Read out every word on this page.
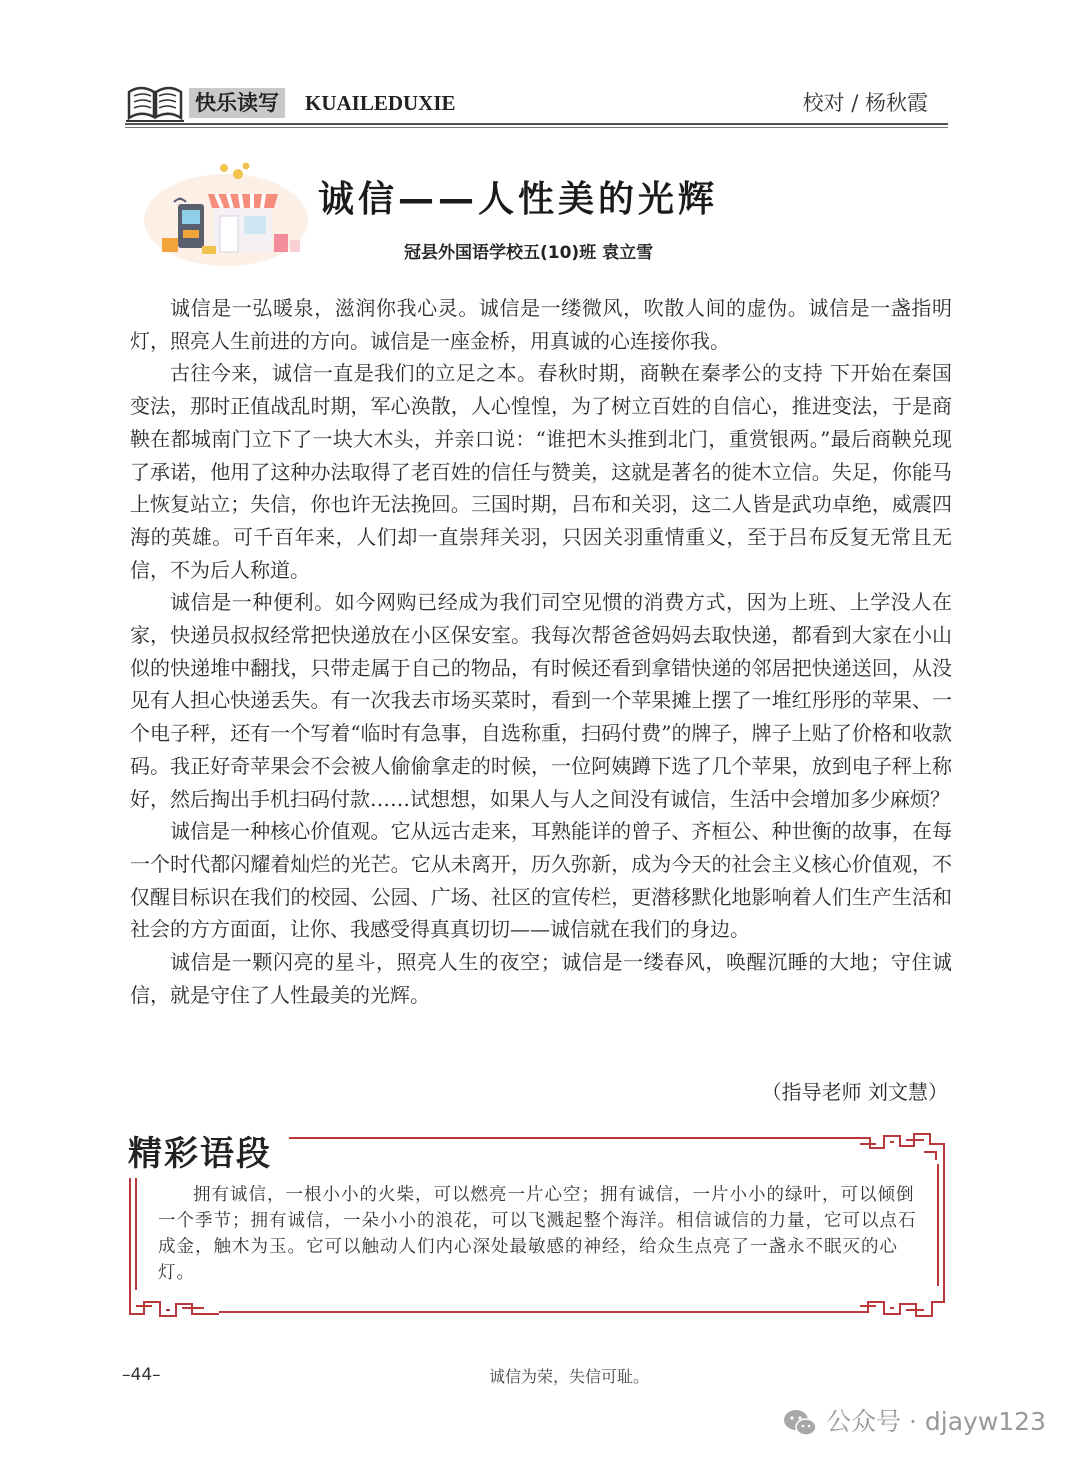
快乐读写 KUAILEDUXIE	校对 / 杨秋霞
诚信——人性美的光辉
冠县外国语学校五(10)班 袁立雪

诚信是一弘暖泉，滋润你我心灵。诚信是一缕微风，吹散人间的虚伪。诚信是一盏指明灯，照亮人生前进的方向。诚信是一座金桥，用真诚的心连接你我。

古往今来，诚信一直是我们的立足之本。春秋时期，商鞅在秦孝公的支持 下开始在秦国变法，那时正值战乱时期，军心涣散，人心惶惶，为了树立百姓的自信心，推进变法，于是商鞅在都城南门立下了一块大木头，并亲口说：“谁把木头推到北门，重赏银两。”最后商鞅兑现了承诺，他用了这种办法取得了老百姓的信任与赞美，这就是著名的徙木立信。失足，你能马上恢复站立；失信，你也许无法挽回。三国时期，吕布和关羽，这二人皆是武功卓绝，威震四海的英雄。可千百年来，人们却一直崇拜关羽，只因关羽重情重义，至于吕布反复无常且无信，不为后人称道。

诚信是一种便利。如今网购已经成为我们司空见惯的消费方式，因为上班、上学没人在家，快递员叔叔经常把快递放在小区保安室。我每次帮爸爸妈妈去取快递，都看到大家在小山似的快递堆中翻找，只带走属于自己的物品，有时候还看到拿错快递的邻居把快递送回，从没见有人担心快递丢失。有一次我去市场买菜时，看到一个苹果摊上摆了一堆红彤彤的苹果、一个电子秤，还有一个写着“临时有急事，自选称重，扫码付费”的牌子，牌子上贴了价格和收款码。我正好奇苹果会不会被人偷偷拿走的时候，一位阿姨蹲下选了几个苹果，放到电子秤上称好，然后掏出手机扫码付款……试想想，如果人与人之间没有诚信，生活中会增加多少麻烦？

诚信是一种核心价值观。它从远古走来，耳熟能详的曾子、齐桓公、种世衡的故事，在每一个时代都闪耀着灿烂的光芒。它从未离开，历久弥新，成为今天的社会主义核心价值观，不仅醒目标识在我们的校园、公园、广场、社区的宣传栏，更潜移默化地影响着人们生产生活和社会的方方面面，让你、我感受得真真切切——诚信就在我们的身边。

诚信是一颗闪亮的星斗，照亮人生的夜空；诚信是一缕春风，唤醒沉睡的大地；守住诚信，就是守住了人性最美的光辉。

（指导老师 刘文慧）
精彩语段

拥有诚信，一根小小的火柴，可以燃亮一片心空；拥有诚信，一片小小的绿叶，可以倾倒一个季节；拥有诚信，一朵小小的浪花，可以飞溅起整个海洋。相信诚信的力量，它可以点石成金，触木为玉。它可以触动人们内心深处最敏感的神经，给众生点亮了一盏永不眠灭的心灯。

–44–	诚信为荣，失信可耻。
公众号 · djayw123
